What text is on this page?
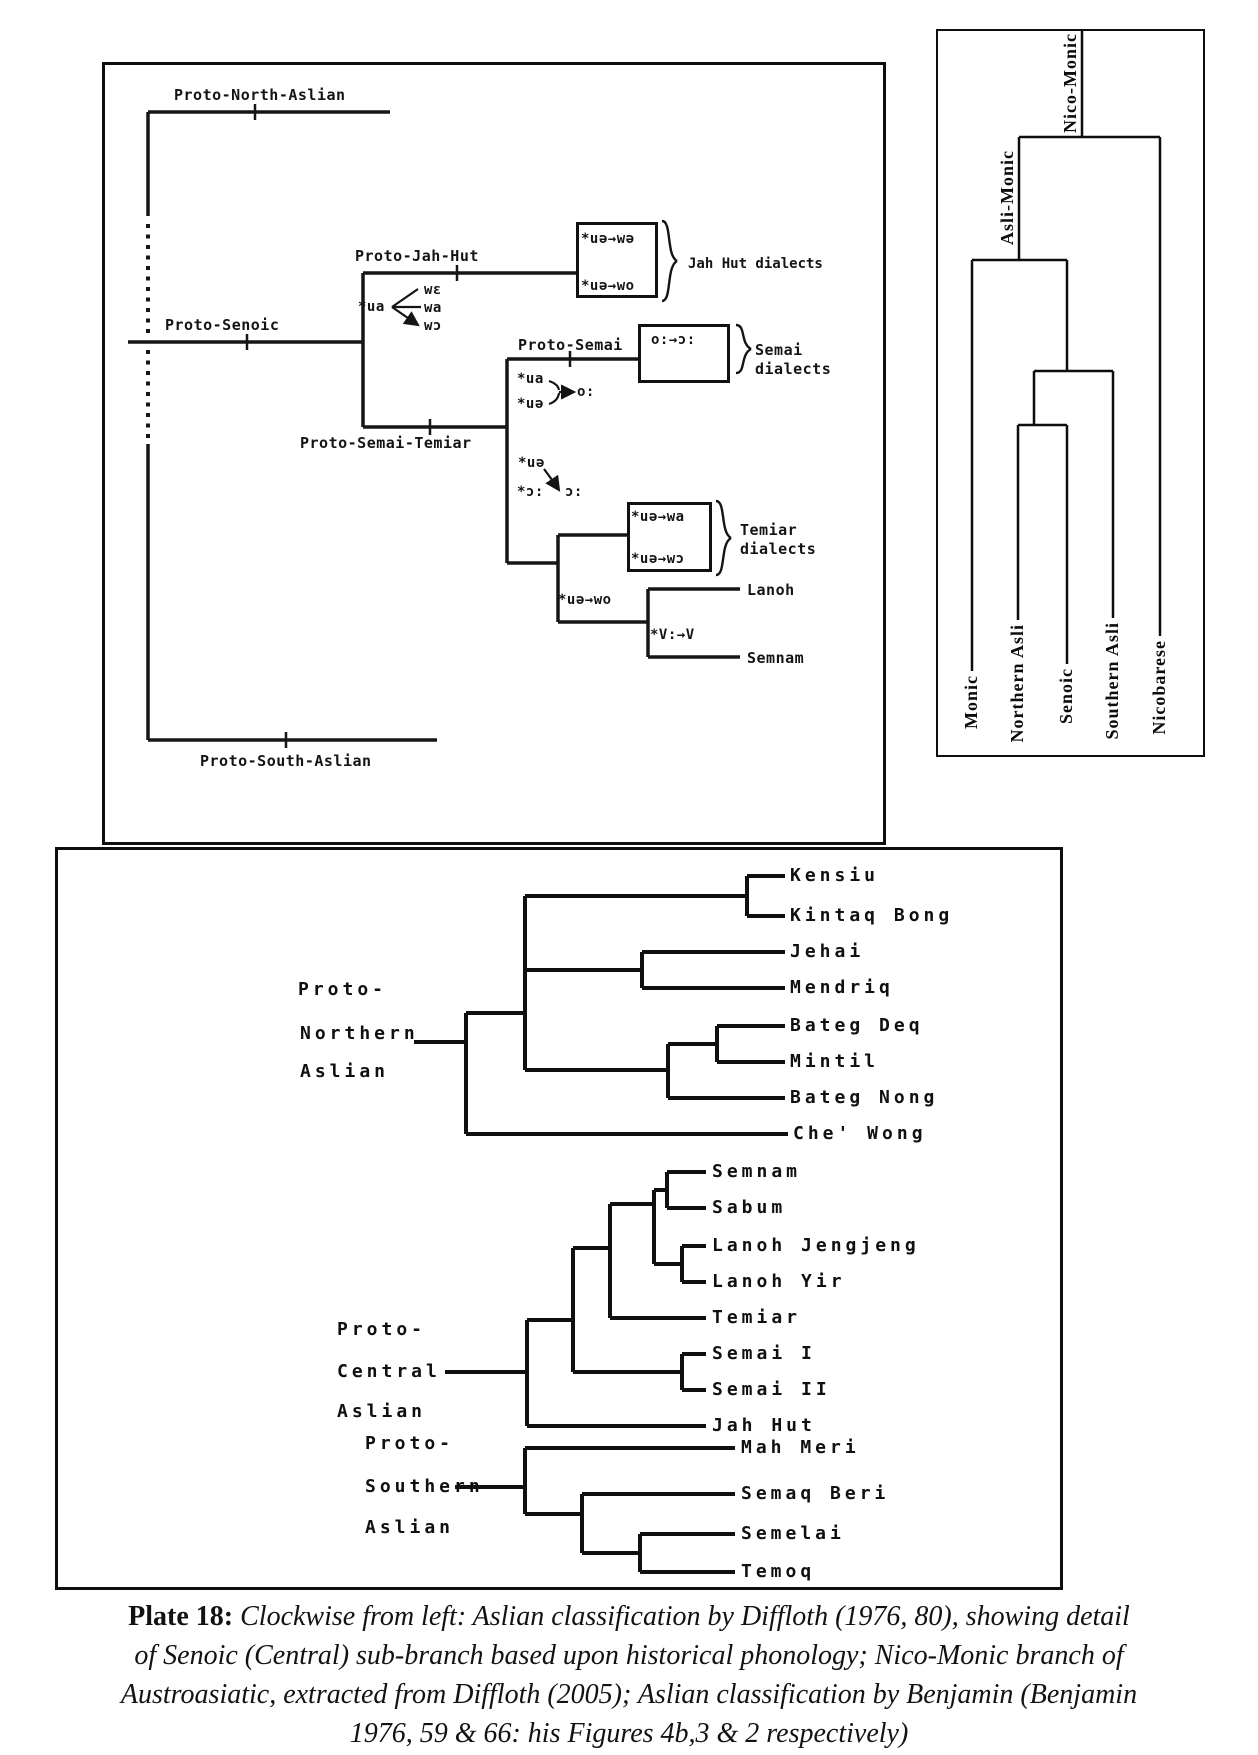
Proto-North-Aslian
Proto-Senoic
Proto-Jah-Hut
Proto-Semai-Temiar
Proto-Semai
Proto-South-Aslian
*uə→wə
*uə→wo
Jah Hut dialects
o:→ɔ:
Semai dialects
*ua
wɛ
wa
wɔ
*ua
*uə
o:
*uə
*ɔ: ɔ:
*uə→wa
*uə→wɔ
Temiar dialects
*uə→wo
Lanoh
*V:→V
Semnam
Nico-Monic
Asli-Monic
Monic Northern Asli Senoic Southern Asli Nicobarese
Proto-
Northern
Aslian
Kensiu
Kintaq Bong
Jehai
Mendriq
Bateg Deq
Mintil
Bateg Nong
Che' Wong
Proto-
Central
Aslian
Semnam
Sabum
Lanoh Jengjeng
Lanoh Yir
Temiar
Semai I
Semai II
Jah Hut
Proto-
Southern
Aslian
Mah Meri
Semaq Beri
Semelai
Temoq
Plate 18: Clockwise from left: Aslian classification by Diffloth (1976, 80), showing detail
of Senoic (Central) sub-branch based upon historical phonology; Nico-Monic branch of
Austroasiatic, extracted from Diffloth (2005); Aslian classification by Benjamin (Benjamin
1976, 59 & 66: his Figures 4b,3 & 2 respectively)
